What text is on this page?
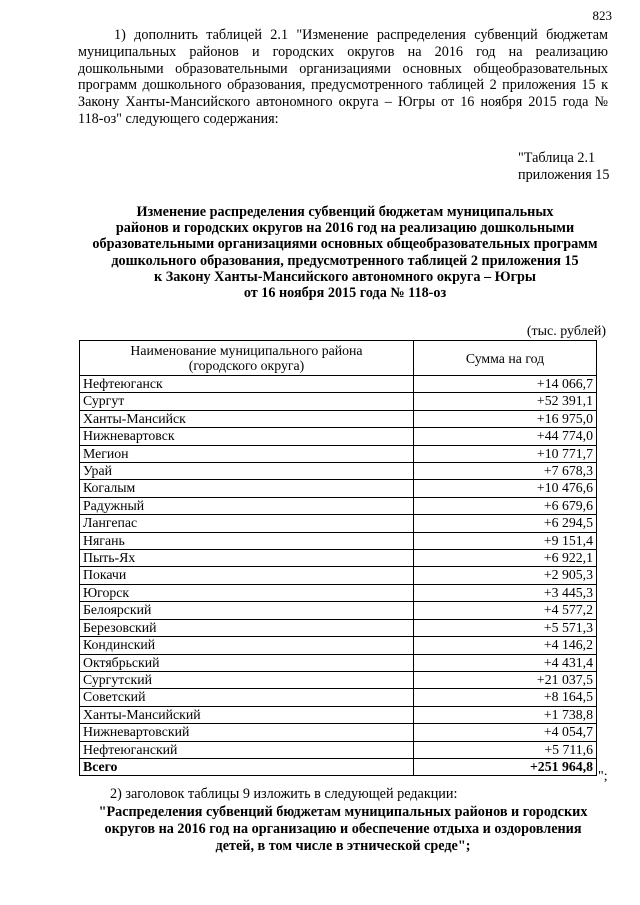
823

1) дополнить таблицей 2.1 "Изменение распределения субвенций бюджетам муниципальных районов и городских округов на 2016 год на реализацию дошкольными образовательными организациями основных общеобразовательных программ дошкольного образования, предусмотренного таблицей 2 приложения 15 к Закону Ханты-Мансийского автономного округа – Югры от 16 ноября 2015 года № 118-оз" следующего содержания:

"Таблица 2.1
приложения 15
Изменение распределения субвенций бюджетам муниципальных
районов и городских округов на 2016 год на реализацию дошкольными
образовательными организациями основных общеобразовательных программ
дошкольного образования, предусмотренного таблицей 2 приложения 15
к Закону Ханты-Мансийского автономного округа – Югры
от 16 ноября 2015 года № 118-оз
(тыс. рублей)
Наименование муниципального района
(городского округа)	Сумма на год
Нефтеюганск	+14 066,7
Сургут	+52 391,1
Ханты-Мансийск	+16 975,0
Нижневартовск	+44 774,0
Мегион	+10 771,7
Урай	+7 678,3
Когалым	+10 476,6
Радужный	+6 679,6
Лангепас	+6 294,5
Нягань	+9 151,4
Пыть-Ях	+6 922,1
Покачи	+2 905,3
Югорск	+3 445,3
Белоярский	+4 577,2
Березовский	+5 571,3
Кондинский	+4 146,2
Октябрьский	+4 431,4
Сургутский	+21 037,5
Советский	+8 164,5
Ханты-Мансийский	+1 738,8
Нижневартовский	+4 054,7
Нефтеюганский	+5 711,6
Всего	+251 964,8
";
2) заголовок таблицы 9 изложить в следующей редакции:
"Распределения субвенций бюджетам муниципальных районов и городских
округов на 2016 год на организацию и обеспечение отдыха и оздоровления
детей, в том числе в этнической среде";
